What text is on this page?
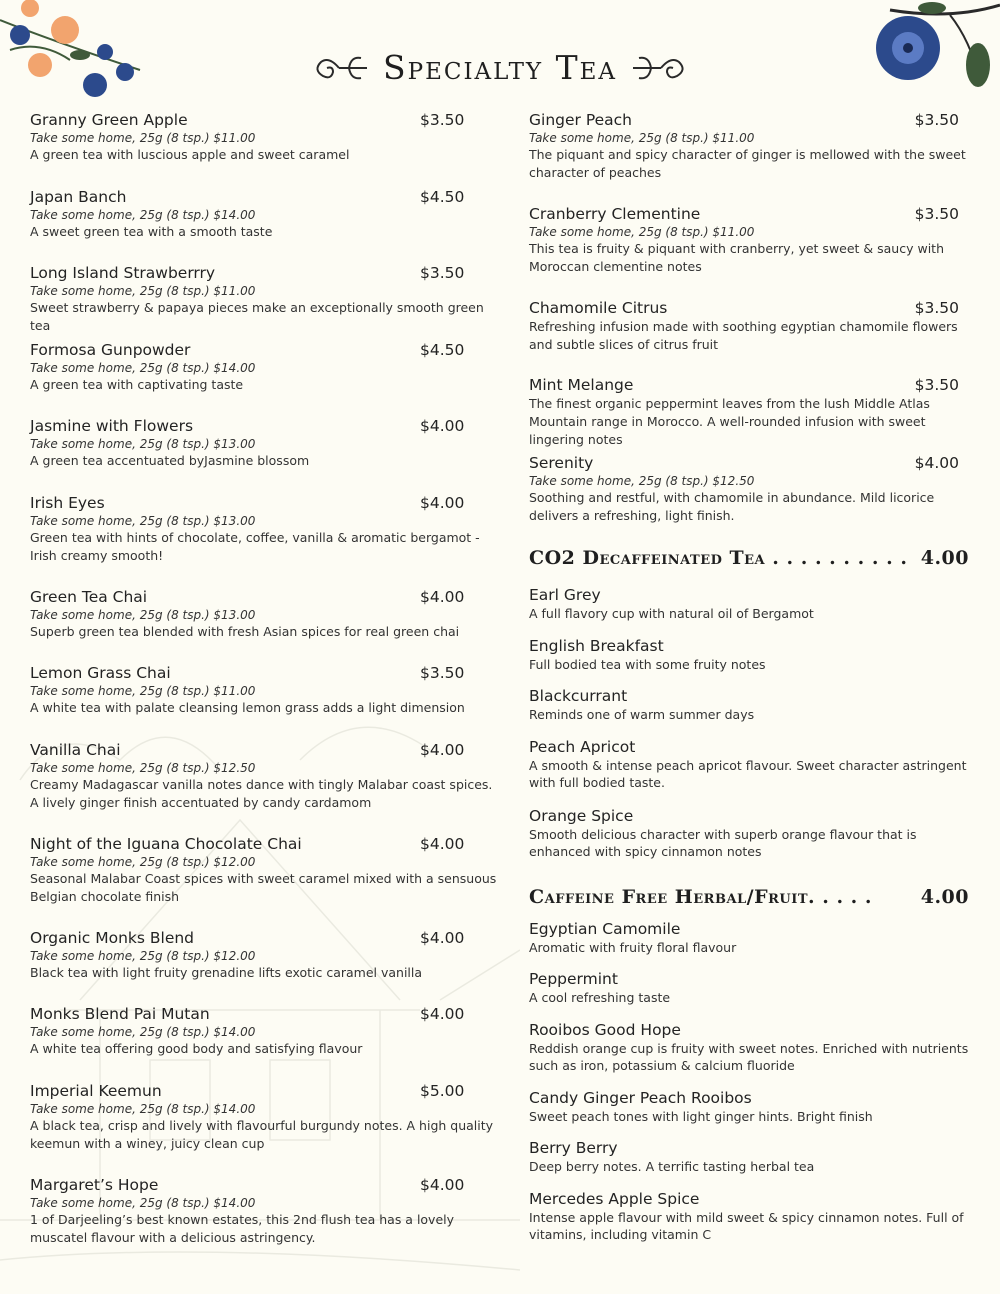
Specialty Tea
Granny Green Apple	$3.50
Take some home, 25g (8 tsp.) $11.00
A green tea with luscious apple and sweet caramel
Japan Banch	$4.50
Take some home, 25g (8 tsp.) $14.00
A sweet green tea with a smooth taste
Long Island Strawberrry	$3.50
Take some home, 25g (8 tsp.) $11.00
Sweet strawberry & papaya pieces make an exceptionally smooth green tea
Formosa Gunpowder	$4.50
Take some home, 25g (8 tsp.) $14.00
A green tea with captivating taste
Jasmine with Flowers	$4.00
Take some home, 25g (8 tsp.) $13.00
A green tea accentuated byJasmine blossom
Irish Eyes	$4.00
Take some home, 25g (8 tsp.) $13.00
Green tea with hints of chocolate, coffee, vanilla & aromatic bergamot - Irish creamy smooth!
Green Tea Chai	$4.00
Take some home, 25g (8 tsp.) $13.00
Superb green tea blended with fresh Asian spices for real green chai
Lemon Grass Chai	$3.50
Take some home, 25g (8 tsp.) $11.00
A white tea with palate cleansing lemon grass adds a light dimension
Vanilla Chai	$4.00
Take some home, 25g (8 tsp.) $12.50
Creamy Madagascar vanilla notes dance with tingly Malabar coast spices. A lively ginger finish accentuated by candy cardamom
Night of the Iguana Chocolate Chai	$4.00
Take some home, 25g (8 tsp.) $12.00
Seasonal Malabar Coast spices with sweet caramel mixed with a sensuous Belgian chocolate finish
Organic Monks Blend	$4.00
Take some home, 25g (8 tsp.) $12.00
Black tea with light fruity grenadine lifts exotic caramel vanilla
Monks Blend Pai Mutan	$4.00
Take some home, 25g (8 tsp.) $14.00
A white tea offering good body and satisfying flavour
Imperial Keemun	$5.00
Take some home, 25g (8 tsp.) $14.00
A black tea, crisp and lively with flavourful burgundy notes. A high quality keemun with a winey, juicy clean cup
Margaret’s Hope	$4.00
Take some home, 25g (8 tsp.) $14.00
1 of Darjeeling’s best known estates, this 2nd flush tea has a lovely muscatel flavour with a delicious astringency.
Ginger Peach	$3.50
Take some home, 25g (8 tsp.) $11.00
The piquant and spicy character of ginger is mellowed with the sweet character of peaches
Cranberry Clementine	$3.50
Take some home, 25g (8 tsp.) $11.00
This tea is fruity & piquant with cranberry, yet sweet & saucy with Moroccan clementine notes
Chamomile Citrus	$3.50
Refreshing infusion made with soothing egyptian chamomile flowers and subtle slices of citrus fruit
Mint Melange	$3.50
The finest organic peppermint leaves from the lush Middle Atlas Mountain range in Morocco. A well-rounded infusion with sweet lingering notes
Serenity	$4.00
Take some home, 25g (8 tsp.) $12.50
Soothing and restful, with chamomile in abundance. Mild licorice delivers a refreshing, light finish.
CO2 Decaffeinated Tea . . . . . . . . . . 4.00
Earl Grey
A full flavory cup with natural oil of Bergamot
English Breakfast
Full bodied tea with some fruity notes
Blackcurrant
Reminds one of warm summer days
Peach Apricot
A smooth & intense peach apricot flavour. Sweet character astringent with full bodied taste.
Orange Spice
Smooth delicious character with superb orange flavour that is enhanced with spicy cinnamon notes
Caffeine Free Herbal/Fruit. . . . .	4.00
Egyptian Camomile
Aromatic with fruity floral flavour
Peppermint
A cool refreshing taste
Rooibos Good Hope
Reddish orange cup is fruity with sweet notes. Enriched with nutrients such as iron, potassium & calcium fluoride
Candy Ginger Peach Rooibos
Sweet peach tones with light ginger hints. Bright finish
Berry Berry
Deep berry notes. A terrific tasting herbal tea
Mercedes Apple Spice
Intense apple flavour with mild sweet & spicy cinnamon notes. Full of vitamins, including vitamin C
